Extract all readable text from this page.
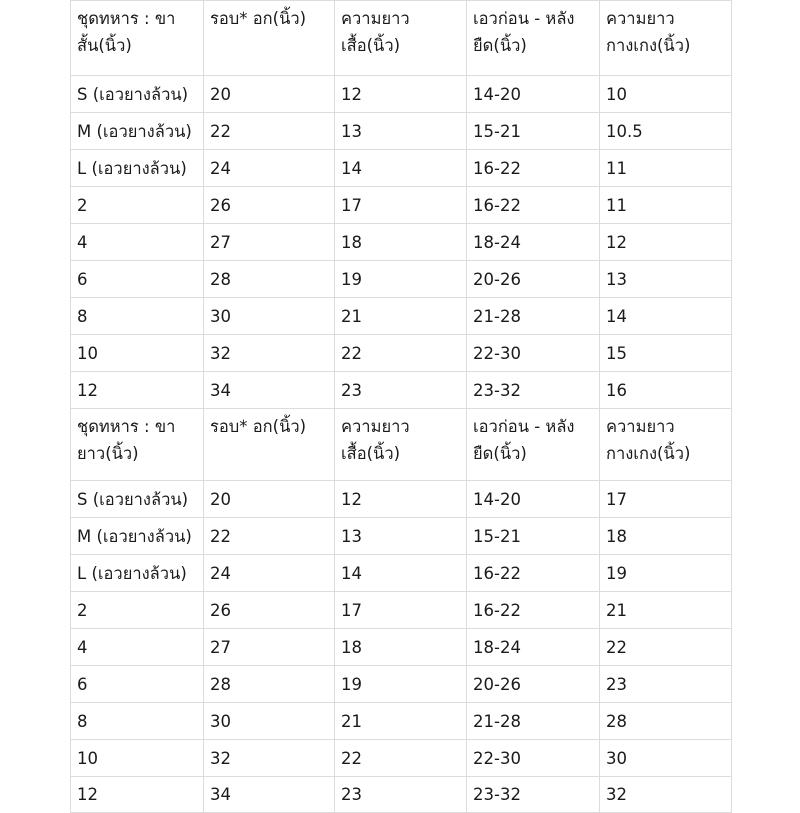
ชุดทหาร : ขาสั้น(นิ้ว)	รอบ* อก(นิ้ว)	ความยาวเสื้อ(นิ้ว)	เอวก่อน - หลังยืด(นิ้ว)	ความยาวกางเกง(นิ้ว)
S (เอวยางล้วน)	20	12	14-20	10
M (เอวยางล้วน)	22	13	15-21	10.5
L (เอวยางล้วน)	24	14	16-22	11
2	26	17	16-22	11
4	27	18	18-24	12
6	28	19	20-26	13
8	30	21	21-28	14
10	32	22	22-30	15
12	34	23	23-32	16
ชุดทหาร : ขายาว(นิ้ว)	รอบ* อก(นิ้ว)	ความยาวเสื้อ(นิ้ว)	เอวก่อน - หลังยืด(นิ้ว)	ความยาวกางเกง(นิ้ว)
S (เอวยางล้วน)	20	12	14-20	17
M (เอวยางล้วน)	22	13	15-21	18
L (เอวยางล้วน)	24	14	16-22	19
2	26	17	16-22	21
4	27	18	18-24	22
6	28	19	20-26	23
8	30	21	21-28	28
10	32	22	22-30	30
12	34	23	23-32	32
